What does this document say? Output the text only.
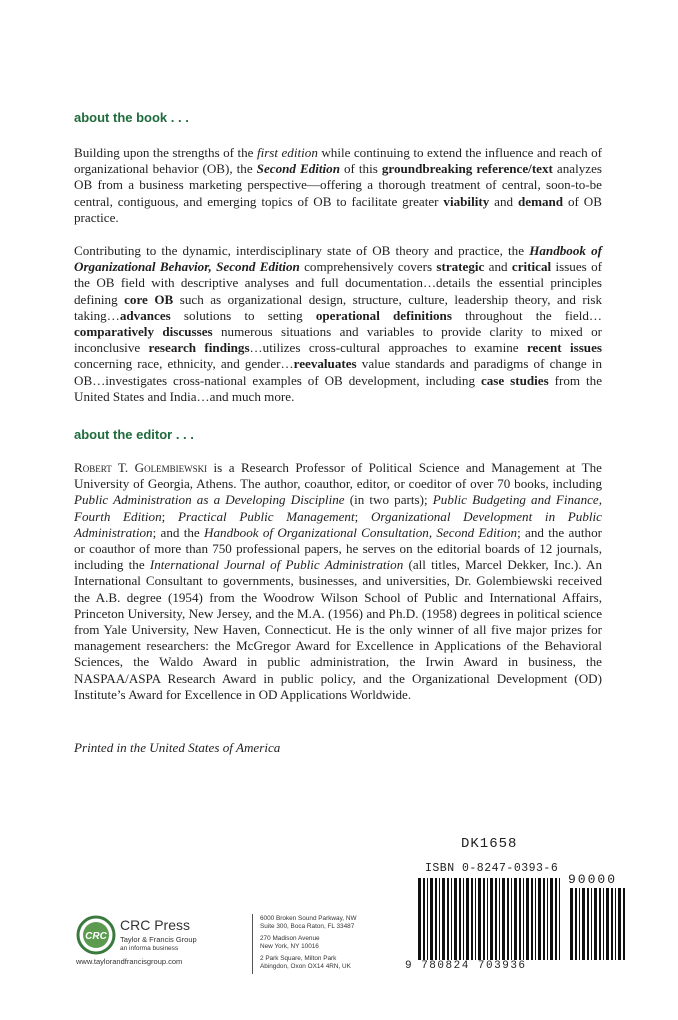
about the book . . .

Building upon the strengths of the first edition while continuing to extend the influence and reach of organizational behavior (OB), the Second Edition of this groundbreaking reference/text analyzes OB from a business marketing perspective—offering a thorough treatment of central, soon-to-be central, contiguous, and emerging topics of OB to facilitate greater viability and demand of OB practice.

Contributing to the dynamic, interdisciplinary state of OB theory and practice, the Handbook of Organizational Behavior, Second Edition comprehensively covers strategic and critical issues of the OB field with descriptive analyses and full documentation…details the essential principles defining core OB such as organizational design, structure, culture, leadership theory, and risk taking…advances solutions to setting operational definitions throughout the field…comparatively discusses numerous situations and variables to provide clarity to mixed or inconclusive research findings…utilizes cross-cultural approaches to examine recent issues concerning race, ethnicity, and gender…reevaluates value standards and paradigms of change in OB…investigates cross-national examples of OB development, including case studies from the United States and India…and much more.

about the editor . . .

Robert T. Golembiewski is a Research Professor of Political Science and Management at The University of Georgia, Athens. The author, coauthor, editor, or coeditor of over 70 books, including Public Administration as a Developing Discipline (in two parts); Public Budgeting and Finance, Fourth Edition; Practical Public Management; Organizational Development in Public Administration; and the Handbook of Organizational Consultation, Second Edition; and the author or coauthor of more than 750 professional papers, he serves on the editorial boards of 12 journals, including the International Journal of Public Administration (all titles, Marcel Dekker, Inc.). An International Consultant to governments, businesses, and universities, Dr. Golembiewski received the A.B. degree (1954) from the Woodrow Wilson School of Public and International Affairs, Princeton University, New Jersey, and the M.A. (1956) and Ph.D. (1958) degrees in political science from Yale University, New Haven, Connecticut. He is the only winner of all five major prizes for management researchers: the McGregor Award for Excellence in Applications of the Behavioral Sciences, the Waldo Award in public administration, the Irwin Award in business, the NASPAA/ASPA Research Award in public policy, and the Organizational Development (OD) Institute’s Award for Excellence in OD Applications Worldwide.

Printed in the United States of America
DK1658
ISBN 0-8247-0393-6
90000
9 780824 703936
CRC
CRC Press
Taylor & Francis Group
an informa business
www.taylorandfrancisgroup.com
6000 Broken Sound Parkway, NW
Suite 300, Boca Raton, FL 33487
270 Madison Avenue
New York, NY 10016
2 Park Square, Milton Park
Abingdon, Oxon OX14 4RN, UK
